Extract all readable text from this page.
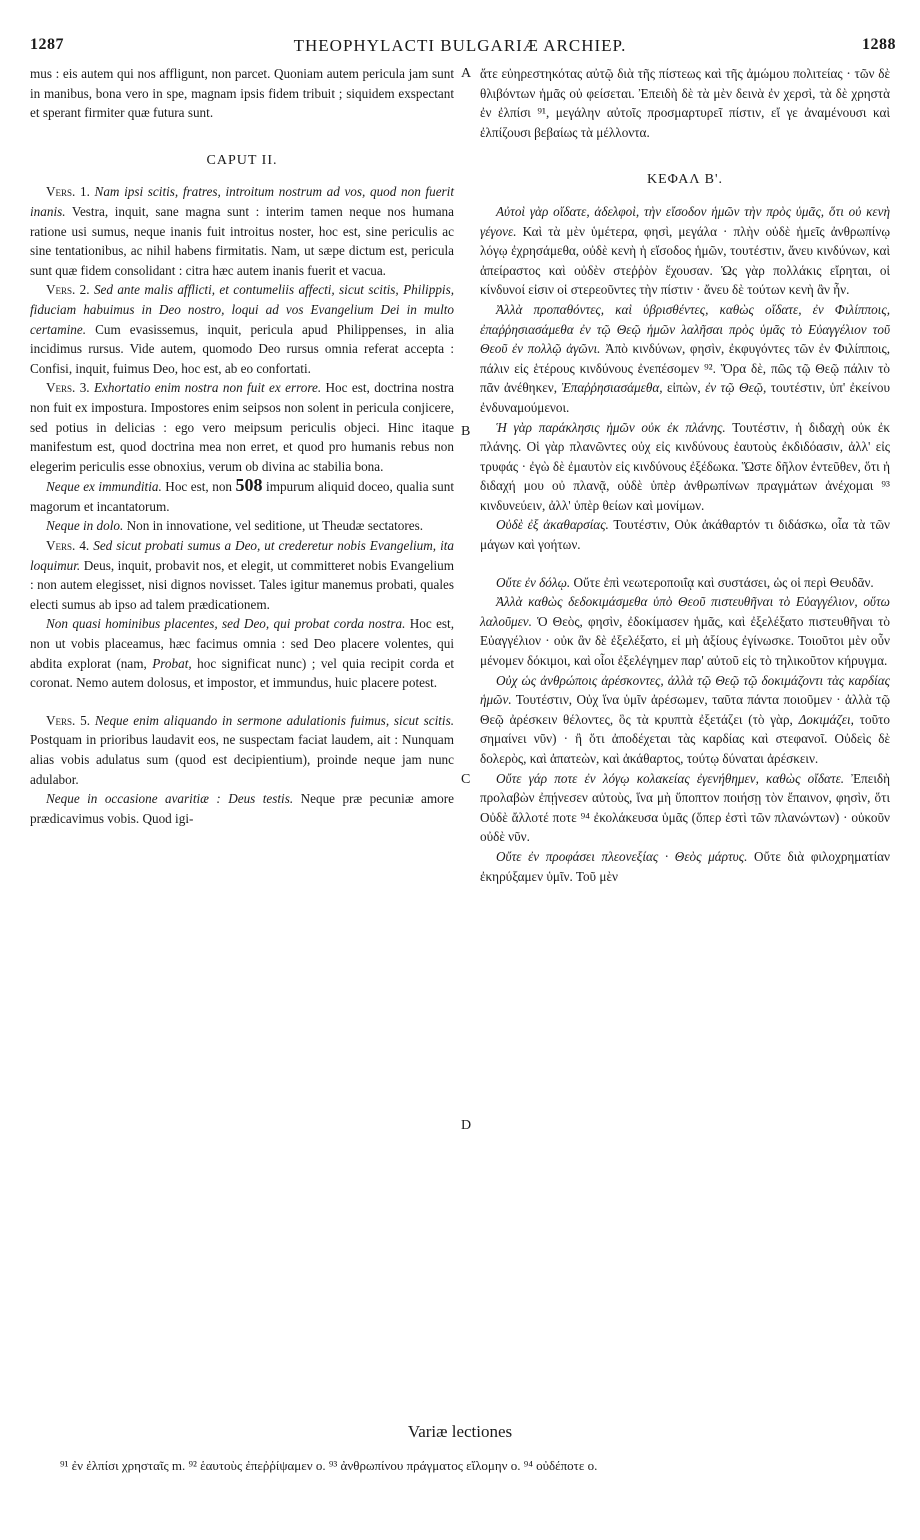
1287	THEOPHYLACTI BULGARIÆ ARCHIEP.	1288
A
B
C
D

mus : eis autem qui nos affligunt, non parcet. Quoniam autem pericula jam sunt in manibus, bona vero in spe, magnam ipsis fidem tribuit ; siquidem exspectant et sperant firmiter quæ futura sunt.

CAPUT II.

Vers. 1. Nam ipsi scitis, fratres, introitum nostrum ad vos, quod non fuerit inanis. Vestra, inquit, sane magna sunt : interim tamen neque nos humana ratione usi sumus, neque inanis fuit introitus noster, hoc est, sine periculis ac sine tentationibus, ac nihil habens firmitatis. Nam, ut sæpe dictum est, pericula sunt quæ fidem consolidant : citra hæc autem inanis fuerit et vacua.

Vers. 2. Sed ante malis afflicti, et contumeliis affecti, sicut scitis, Philippis, fiduciam habuimus in Deo nostro, loqui ad vos Evangelium Dei in multo certamine. Cum evasissemus, inquit, pericula apud Philippenses, in alia incidimus rursus. Vide autem, quomodo Deo rursus omnia referat accepta : Confisi, inquit, fuimus Deo, hoc est, ab eo confortati.

Vers. 3. Exhortatio enim nostra non fuit ex errore. Hoc est, doctrina nostra non fuit ex impostura. Impostores enim seipsos non solent in pericula conjicere, sed potius in delicias : ego vero meipsum periculis objeci. Hinc itaque manifestum est, quod doctrina mea non erret, et quod pro humanis rebus non elegerim periculis esse obnoxius, verum ob divina ac stabilia bona.

Neque ex immunditia. Hoc est, non 508 impurum aliquid doceo, qualia sunt magorum et incantatorum.

Neque in dolo. Non in innovatione, vel seditione, ut Theudæ sectatores.

Vers. 4. Sed sicut probati sumus a Deo, ut crederetur nobis Evangelium, ita loquimur. Deus, inquit, probavit nos, et elegit, ut committeret nobis Evangelium : non autem elegisset, nisi dignos novisset. Tales igitur manemus probati, quales electi sumus ab ipso ad talem prædicationem.

Non quasi hominibus placentes, sed Deo, qui probat corda nostra. Hoc est, non ut vobis placeamus, hæc facimus omnia : sed Deo placere volentes, qui abdita explorat (nam, Probat, hoc significat nunc) ; vel quia recipit corda et coronat. Nemo autem dolosus, et impostor, et immundus, huic placere potest.

Vers. 5. Neque enim aliquando in sermone adulationis fuimus, sicut scitis. Postquam in prioribus laudavit eos, ne suspectam faciat laudem, ait : Nunquam alias vobis adulatus sum (quod est decipientium), proinde neque jam nunc adulabor.

Neque in occasione avaritiæ : Deus testis. Neque præ pecuniæ amore prædicavimus vobis. Quod igi-

ἄτε εὐηρεστηκότας αὐτῷ διὰ τῆς πίστεως καὶ τῆς ἀμώμου πολιτείας · τῶν δὲ θλιβόντων ἡμᾶς οὐ φείσεται. Ἐπειδὴ δὲ τὰ μὲν δεινὰ ἐν χερσὶ, τὰ δὲ χρηστὰ ἐν ἐλπίσι ⁹¹, μεγάλην αὐτοῖς προσμαρτυρεῖ πίστιν, εἴ γε ἀναμένουσι καὶ ἐλπίζουσι βεβαίως τὰ μέλλοντα.

ΚΕΦΑΛ Β'.

Αὐτοὶ γὰρ οἴδατε, ἀδελφοὶ, τὴν εἴσοδον ἡμῶν τὴν πρὸς ὑμᾶς, ὅτι οὐ κενὴ γέγονε. Καὶ τὰ μὲν ὑμέτερα, φησὶ, μεγάλα · πλὴν οὐδὲ ἡμεῖς ἀνθρωπίνῳ λόγῳ ἐχρησάμεθα, οὐδὲ κενὴ ἡ εἴσοδος ἡμῶν, τουτέστιν, ἄνευ κινδύνων, καὶ ἀπείραστος καὶ οὐδὲν στεῤῥὸν ἔχουσαν. Ὡς γὰρ πολλάκις εἴρηται, οἱ κίνδυνοί εἰσιν οἱ στερεοῦντες τὴν πίστιν · ἄνευ δὲ τούτων κενὴ ἂν ἦν.

Ἀλλὰ προπαθόντες, καὶ ὑβρισθέντες, καθὼς οἴδατε, ἐν Φιλίπποις, ἐπαῤῥησιασάμεθα ἐν τῷ Θεῷ ἡμῶν λαλῆσαι πρὸς ὑμᾶς τὸ Εὐαγγέλιον τοῦ Θεοῦ ἐν πολλῷ ἀγῶνι. Ἀπὸ κινδύνων, φησὶν, ἐκφυγόντες τῶν ἐν Φιλίπποις, πάλιν εἰς ἑτέρους κινδύνους ἐνεπέσομεν ⁹². Ὅρα δὲ, πῶς τῷ Θεῷ πάλιν τὸ πᾶν ἀνέθηκεν, Ἐπαῤῥησιασάμεθα, εἰπὼν, ἐν τῷ Θεῷ, τουτέστιν, ὑπ' ἐκείνου ἐνδυναμούμενοι.

Ἡ γὰρ παράκλησις ἡμῶν οὐκ ἐκ πλάνης. Τουτέστιν, ἡ διδαχὴ οὐκ ἐκ πλάνης. Οἱ γὰρ πλανῶντες οὐχ εἰς κινδύνους ἑαυτοὺς ἐκδιδόασιν, ἀλλ' εἰς τρυφάς · ἐγὼ δὲ ἐμαυτὸν εἰς κινδύνους ἐξέδωκα. Ὥστε δῆλον ἐντεῦθεν, ὅτι ἡ διδαχή μου οὐ πλανᾷ, οὐδὲ ὑπὲρ ἀνθρωπίνων πραγμάτων ἀνέχομαι ⁹³ κινδυνεύειν, ἀλλ' ὑπὲρ θείων καὶ μονίμων.

Οὐδὲ ἐξ ἀκαθαρσίας. Τουτέστιν, Οὐκ ἀκάθαρτόν τι διδάσκω, οἷα τὰ τῶν μάγων καὶ γοήτων.

Οὔτε ἐν δόλῳ. Οὔτε ἐπὶ νεωτεροποιΐᾳ καὶ συστάσει, ὡς οἱ περὶ Θευδᾶν.

Ἀλλὰ καθὼς δεδοκιμάσμεθα ὑπὸ Θεοῦ πιστευθῆναι τὸ Εὐαγγέλιον, οὕτω λαλοῦμεν. Ὁ Θεὸς, φησὶν, ἐδοκίμασεν ἡμᾶς, καὶ ἐξελέξατο πιστευθῆναι τὸ Εὐαγγέλιον · οὐκ ἂν δὲ ἐξελέξατο, εἰ μὴ ἀξίους ἐγίνωσκε. Τοιοῦτοι μὲν οὖν μένομεν δόκιμοι, καὶ οἷοι ἐξελέγημεν παρ' αὐτοῦ εἰς τὸ τηλικοῦτον κήρυγμα.

Οὐχ ὡς ἀνθρώποις ἀρέσκοντες, ἀλλὰ τῷ Θεῷ τῷ δοκιμάζοντι τὰς καρδίας ἡμῶν. Τουτέστιν, Οὐχ ἵνα ὑμῖν ἀρέσωμεν, ταῦτα πάντα ποιοῦμεν · ἀλλὰ τῷ Θεῷ ἀρέσκειν θέλοντες, ὃς τὰ κρυπτὰ ἐξετάζει (τὸ γὰρ, Δοκιμάζει, τοῦτο σημαίνει νῦν) · ἢ ὅτι ἀποδέχεται τὰς καρδίας καὶ στεφανοῖ. Οὐδεὶς δὲ δολερὸς, καὶ ἀπατεὼν, καὶ ἀκάθαρτος, τούτῳ δύναται ἀρέσκειν.

Οὔτε γάρ ποτε ἐν λόγῳ κολακείας ἐγενήθημεν, καθὼς οἴδατε. Ἐπειδὴ προλαβὼν ἐπῄνεσεν αὐτοὺς, ἵνα μὴ ὕποπτον ποιήσῃ τὸν ἔπαινον, φησὶν, ὅτι Οὐδὲ ἄλλοτέ ποτε ⁹⁴ ἐκολάκευσα ὑμᾶς (ὅπερ ἐστὶ τῶν πλανώντων) · οὐκοῦν οὐδὲ νῦν.

Οὔτε ἐν προφάσει πλεονεξίας · Θεὸς μάρτυς. Οὔτε διὰ φιλοχρηματίαν ἐκηρύξαμεν ὑμῖν. Τοῦ μὲν

Variæ lectiones
⁹¹ ἐν ἐλπίσι χρησταῖς m. ⁹² ἑαυτοὺς ἐπεῤῥίψαμεν o. ⁹³ ἀνθρωπίνου πράγματος εἵλομην o. ⁹⁴ οὐδέποτε o.
